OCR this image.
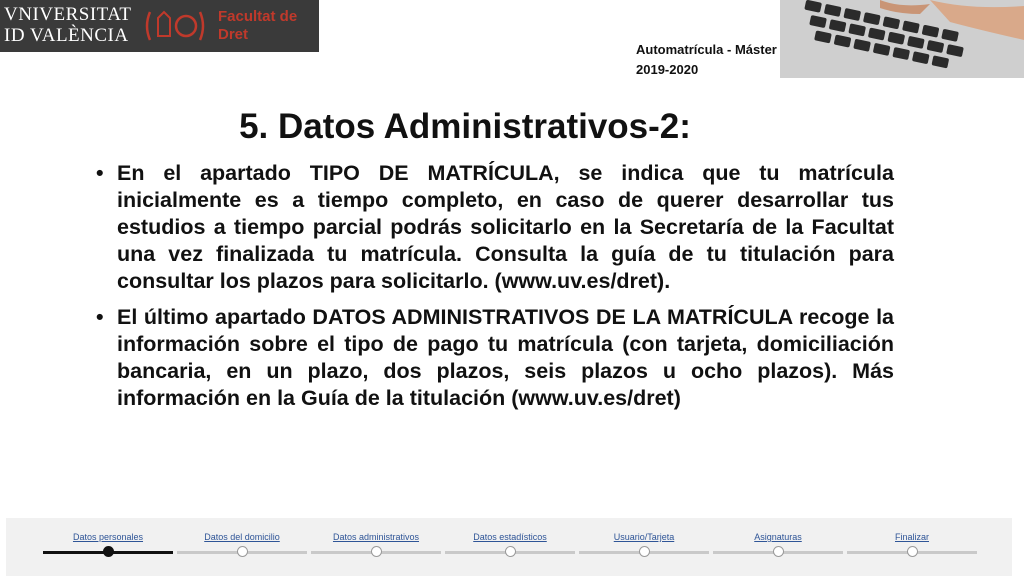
VNIVERSITAT
ID VALÈNCIA
Facultat de
Dret
Automatrícula - Máster
2019-2020
5. Datos Administrativos-2:
• En el apartado TIPO DE MATRÍCULA, se indica que tu matrícula inicialmente es a tiempo completo, en caso de querer desarrollar tus estudios a tiempo parcial podrás solicitarlo en la Secretaría de la Facultat una vez finalizada tu matrícula. Consulta la guía de tu titulación para consultar los plazos para solicitarlo. (www.uv.es/dret).
• El último apartado DATOS ADMINISTRATIVOS DE LA MATRÍCULA recoge la información sobre el tipo de pago tu matrícula (con tarjeta, domiciliación bancaria, en un plazo, dos plazos, seis plazos u ocho plazos). Más información en la Guía de la titulación (www.uv.es/dret)
Datos personales	Datos del domicilio	Datos administrativos	Datos estadísticos	Usuario/Tarjeta	Asignaturas	Finalizar
